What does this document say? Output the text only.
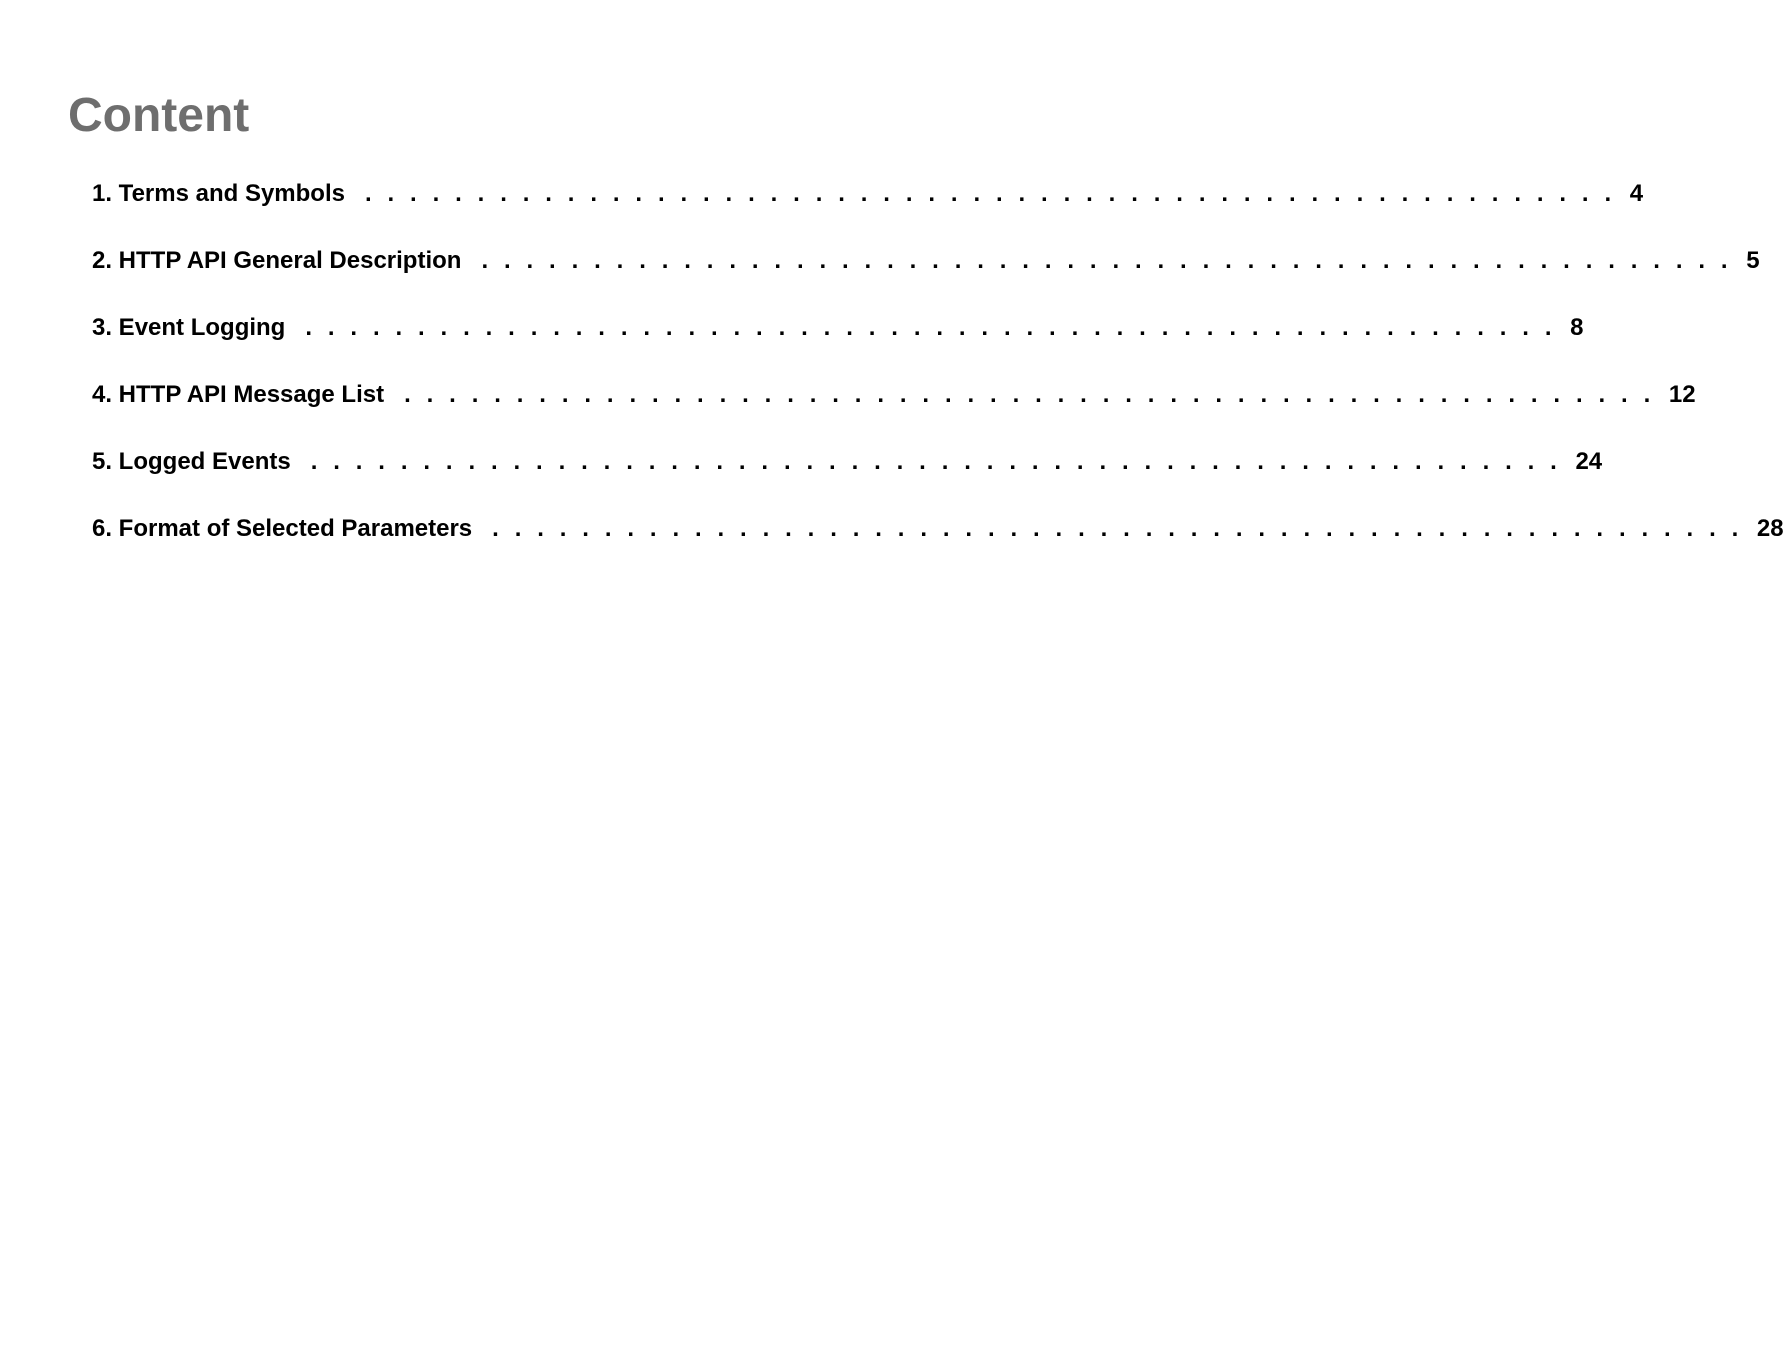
Content
1. Terms and Symbols . . . . . . . . . . . . . . . . . . . . . . . . . . . . . . . . . . . . . . . . . . . . . . . . . . . . . . . . 4
2. HTTP API General Description . . . . . . . . . . . . . . . . . . . . . . . . . . . . . . . . . . . . . . . . . . . . . . . . . . . . . . . . 5
3. Event Logging . . . . . . . . . . . . . . . . . . . . . . . . . . . . . . . . . . . . . . . . . . . . . . . . . . . . . . . . 8
4. HTTP API Message List . . . . . . . . . . . . . . . . . . . . . . . . . . . . . . . . . . . . . . . . . . . . . . . . . . . . . . . . 12
5. Logged Events . . . . . . . . . . . . . . . . . . . . . . . . . . . . . . . . . . . . . . . . . . . . . . . . . . . . . . . . 24
6. Format of Selected Parameters . . . . . . . . . . . . . . . . . . . . . . . . . . . . . . . . . . . . . . . . . . . . . . . . . . . . . . . . 28
